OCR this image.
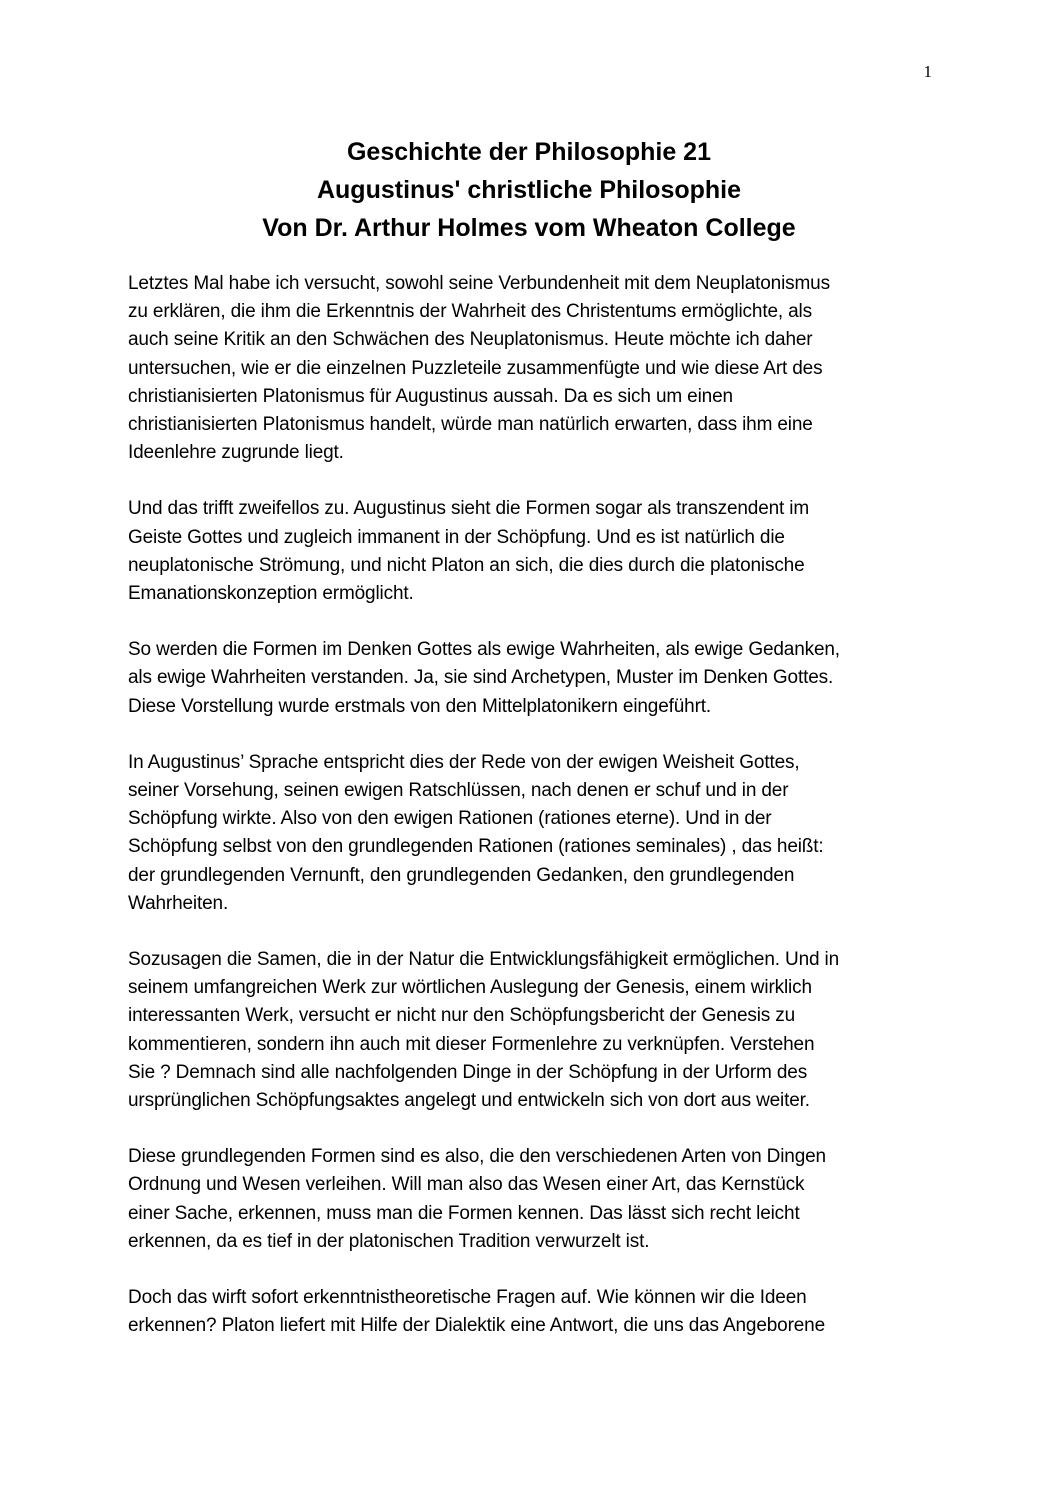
1
Geschichte der Philosophie 21
Augustinus' christliche Philosophie
Von Dr. Arthur Holmes vom Wheaton College

Letztes Mal habe ich versucht, sowohl seine Verbundenheit mit dem Neuplatonismus
zu erklären, die ihm die Erkenntnis der Wahrheit des Christentums ermöglichte, als
auch seine Kritik an den Schwächen des Neuplatonismus. Heute möchte ich daher
untersuchen, wie er die einzelnen Puzzleteile zusammenfügte und wie diese Art des
christianisierten Platonismus für Augustinus aussah. Da es sich um einen
christianisierten Platonismus handelt, würde man natürlich erwarten, dass ihm eine
Ideenlehre zugrunde liegt.

Und das trifft zweifellos zu. Augustinus sieht die Formen sogar als transzendent im
Geiste Gottes und zugleich immanent in der Schöpfung. Und es ist natürlich die
neuplatonische Strömung, und nicht Platon an sich, die dies durch die platonische
Emanationskonzeption ermöglicht.

So werden die Formen im Denken Gottes als ewige Wahrheiten, als ewige Gedanken,
als ewige Wahrheiten verstanden. Ja, sie sind Archetypen, Muster im Denken Gottes.
Diese Vorstellung wurde erstmals von den Mittelplatonikern eingeführt.

In Augustinus’ Sprache entspricht dies der Rede von der ewigen Weisheit Gottes,
seiner Vorsehung, seinen ewigen Ratschlüssen, nach denen er schuf und in der
Schöpfung wirkte. Also von den ewigen Rationen (rationes eterne). Und in der
Schöpfung selbst von den grundlegenden Rationen (rationes seminales) , das heißt:
der grundlegenden Vernunft, den grundlegenden Gedanken, den grundlegenden
Wahrheiten.

Sozusagen die Samen, die in der Natur die Entwicklungsfähigkeit ermöglichen. Und in
seinem umfangreichen Werk zur wörtlichen Auslegung der Genesis, einem wirklich
interessanten Werk, versucht er nicht nur den Schöpfungsbericht der Genesis zu
kommentieren, sondern ihn auch mit dieser Formenlehre zu verknüpfen. Verstehen
Sie ? Demnach sind alle nachfolgenden Dinge in der Schöpfung in der Urform des
ursprünglichen Schöpfungsaktes angelegt und entwickeln sich von dort aus weiter.

Diese grundlegenden Formen sind es also, die den verschiedenen Arten von Dingen
Ordnung und Wesen verleihen. Will man also das Wesen einer Art, das Kernstück
einer Sache, erkennen, muss man die Formen kennen. Das lässt sich recht leicht
erkennen, da es tief in der platonischen Tradition verwurzelt ist.

Doch das wirft sofort erkenntnistheoretische Fragen auf. Wie können wir die Ideen
erkennen? Platon liefert mit Hilfe der Dialektik eine Antwort, die uns das Angeborene
